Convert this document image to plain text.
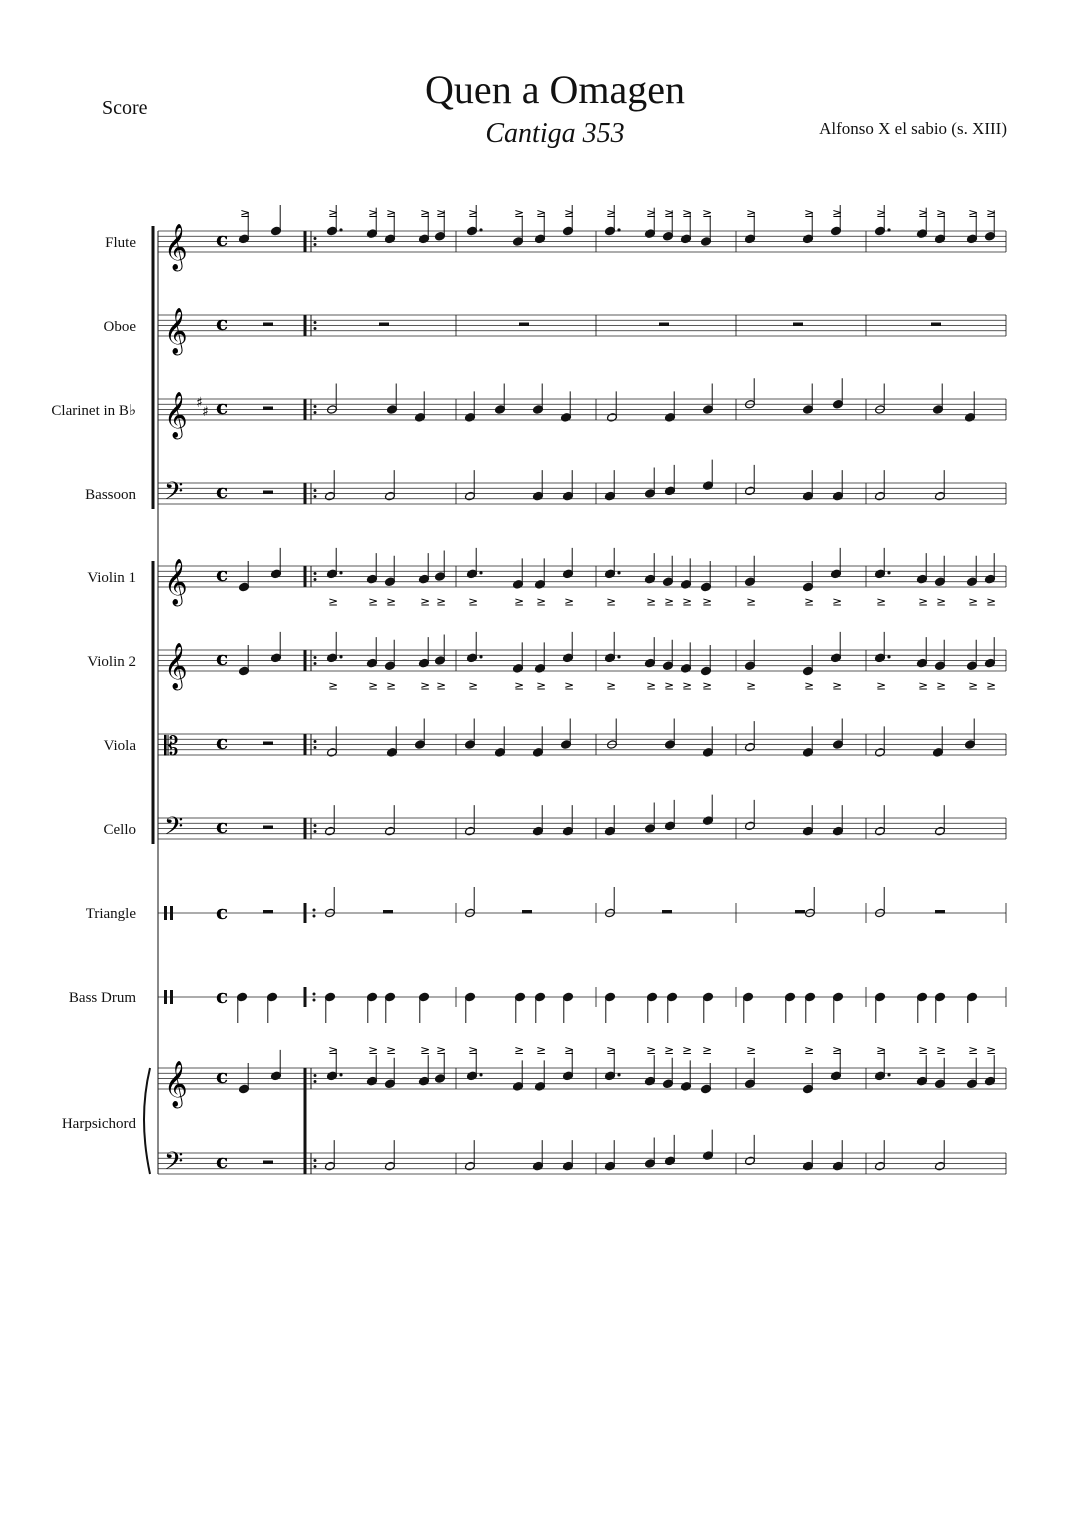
Score	Quen a Omagen
Cantiga 353	Alfonso X el sabio (s. XIII)
Flute
Oboe
Clarinet in B♭
Bassoon
Violin 1
Violin 2
Viola
Cello
Triangle
Bass Drum
Harpsichord
𝄞 c
≥	≥ ≥ ≥ ≥ ≥ ≥	≥ ≥ ≥	≥ ≥ ≥ ≥ ≥	≥	≥ ≥	≥	≥ ≥ ≥ ≥
𝄞 c
𝄞 ♯
♯ c
𝄢 c
𝄞 c
≥ ≥ ≥ ≥ ≥ ≥	≥ ≥ ≥	≥ ≥ ≥ ≥ ≥	≥	≥ ≥	≥	≥ ≥ ≥ ≥
𝄞 c
≥ ≥ ≥ ≥ ≥ ≥	≥ ≥ ≥	≥ ≥ ≥ ≥ ≥	≥	≥ ≥	≥	≥ ≥ ≥ ≥
𝄡 c
𝄢 c
c
c
𝄞 c
≥ ≥ ≥ ≥ ≥ ≥	≥ ≥ ≥	≥ ≥ ≥ ≥ ≥	≥	≥ ≥	≥	≥ ≥ ≥ ≥
𝄢 c
